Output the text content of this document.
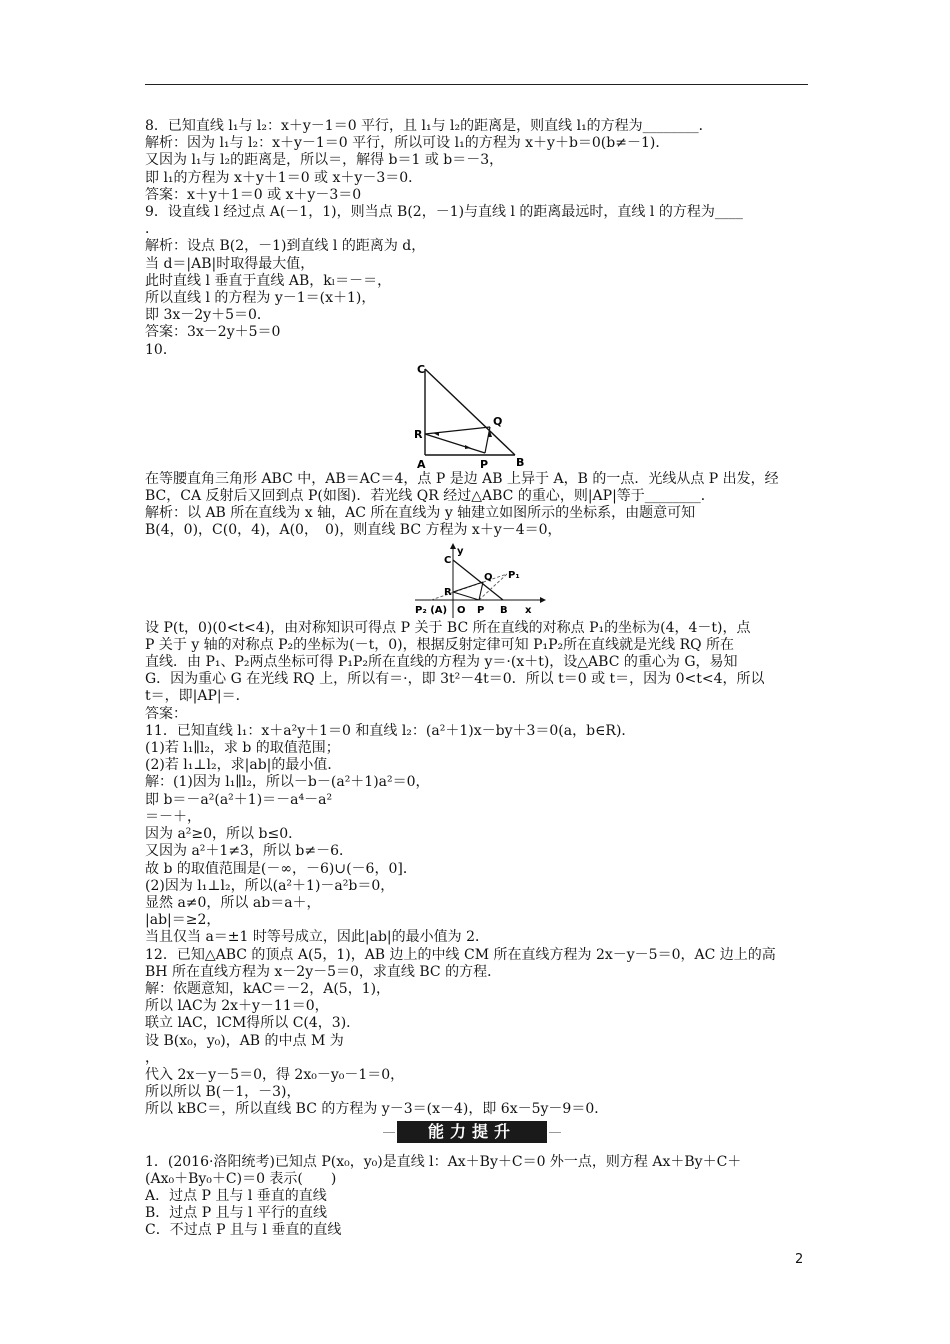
8．已知直线 l₁与 l₂：x＋y－1＝0 平行，且 l₁与 l₂的距离是，则直线 l₁的方程为________．
解析：因为 l₁与 l₂：x＋y－1＝0 平行，所以可设 l₁的方程为 x＋y＋b＝0(b≠－1)．
又因为 l₁与 l₂的距离是，所以＝，解得 b＝1 或 b＝－3，
即 l₁的方程为 x＋y＋1＝0 或 x＋y－3＝0．
答案：x＋y＋1＝0 或 x＋y－3＝0
9．设直线 l 经过点 A(－1，1)，则当点 B(2，－1)与直线 l 的距离最远时，直线 l 的方程为____
．
解析：设点 B(2，－1)到直线 l 的距离为 d，
当 d＝|AB|时取得最大值，
此时直线 l 垂直于直线 AB，kₗ＝－＝，
所以直线 l 的方程为 y－1＝(x＋1)，
即 3x－2y＋5＝0．
答案：3x－2y＋5＝0
10．
C
Q
R
A	P	B
在等腰直角三角形 ABC 中，AB＝AC＝4，点 P 是边 AB 上异于 A，B 的一点．光线从点 P 出发，经
BC，CA 反射后又回到点 P(如图)．若光线 QR 经过△ABC 的重心，则|AP|等于________．
解析：以 AB 所在直线为 x 轴，AC 所在直线为 y 轴建立如图所示的坐标系，由题意可知
B(4，0)，C(0，4)，A(0，　0)，则直线 BC 方程为 x＋y－4＝0，
y
C
Q P₁
R
P₂ (A) O P B x
设 P(t，0)(0<t<4)，由对称知识可得点 P 关于 BC 所在直线的对称点 P₁的坐标为(4，4－t)，点
P 关于 y 轴的对称点 P₂的坐标为(－t，0)，根据反射定律可知 P₁P₂所在直线就是光线 RQ 所在
直线．由 P₁、P₂两点坐标可得 P₁P₂所在直线的方程为 y＝·(x＋t)，设△ABC 的重心为 G，易知
G．因为重心 G 在光线 RQ 上，所以有＝·，即 3t²－4t＝0．所以 t＝0 或 t＝，因为 0<t<4，所以
t＝，即|AP|＝．
答案：
11．已知直线 l₁：x＋a²y＋1＝0 和直线 l₂：(a²＋1)x－by＋3＝0(a，b∈R)．
(1)若 l₁∥l₂，求 b 的取值范围；
(2)若 l₁⊥l₂，求|ab|的最小值．
解：(1)因为 l₁∥l₂，所以－b－(a²＋1)a²＝0，
即 b＝－a²(a²＋1)＝－a⁴－a²
＝－＋，
因为 a²≥0，所以 b≤0．
又因为 a²＋1≠3，所以 b≠－6．
故 b 的取值范围是(－∞，－6)∪(－6，0]．
(2)因为 l₁⊥l₂，所以(a²＋1)－a²b＝0，
显然 a≠0，所以 ab＝a＋，
|ab|＝≥2，
当且仅当 a＝±1 时等号成立，因此|ab|的最小值为 2．
12．已知△ABC 的顶点 A(5，1)，AB 边上的中线 CM 所在直线方程为 2x－y－5＝0，AC 边上的高
BH 所在直线方程为 x－2y－5＝0，求直线 BC 的方程．
解：依题意知，kAC＝－2，A(5，1)，
所以 lAC为 2x＋y－11＝0，
联立 lAC，lCM得所以 C(4，3)．
设 B(x₀，y₀)，AB 的中点 M 为
，
代入 2x－y－5＝0，得 2x₀－y₀－1＝0，
所以所以 B(－1，－3)，
所以 kBC＝，所以直线 BC 的方程为 y－3＝(x－4)，即 6x－5y－9＝0．
能力提升
1．(2016·洛阳统考)已知点 P(x₀，y₀)是直线 l：Ax＋By＋C＝0 外一点，则方程 Ax＋By＋C＋
(Ax₀＋By₀＋C)＝0 表示(　　)
A．过点 P 且与 l 垂直的直线
B．过点 P 且与 l 平行的直线
C．不过点 P 且与 l 垂直的直线
2
